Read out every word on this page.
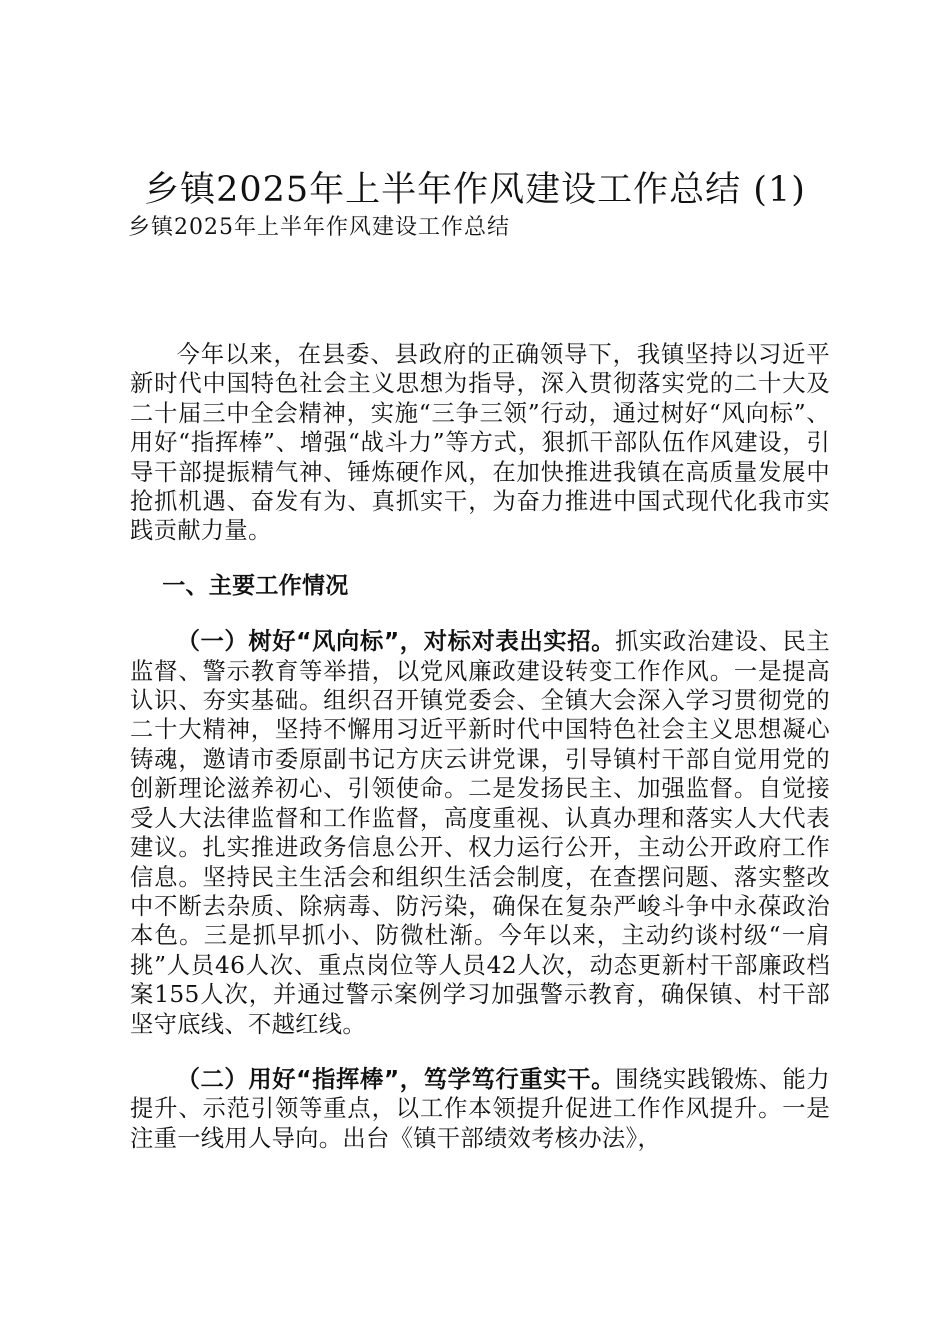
乡镇2025年上半年作风建设工作总结 (1)
乡镇2025年上半年作风建设工作总结

今年以来，在县委、县政府的正确领导下，我镇坚持以习近平新时代中国特色社会主义思想为指导，深入贯彻落实党的二十大及二十届三中全会精神，实施“三争三领”行动，通过树好“风向标”、用好“指挥棒”、增强“战斗力”等方式，狠抓干部队伍作风建设，引导干部提振精气神、锤炼硬作风，在加快推进我镇在高质量发展中抢抓机遇、奋发有为、真抓实干，为奋力推进中国式现代化我市实践贡献力量。

一、主要工作情况

（一）树好“风向标”，对标对表出实招。抓实政治建设、民主监督、警示教育等举措，以党风廉政建设转变工作作风。一是提高认识、夯实基础。组织召开镇党委会、全镇大会深入学习贯彻党的二十大精神，坚持不懈用习近平新时代中国特色社会主义思想凝心铸魂，邀请市委原副书记方庆云讲党课，引导镇村干部自觉用党的创新理论滋养初心、引领使命。二是发扬民主、加强监督。自觉接受人大法律监督和工作监督，高度重视、认真办理和落实人大代表建议。扎实推进政务信息公开、权力运行公开，主动公开政府工作信息。坚持民主生活会和组织生活会制度，在查摆问题、落实整改中不断去杂质、除病毒、防污染，确保在复杂严峻斗争中永葆政治本色。三是抓早抓小、防微杜渐。今年以来，主动约谈村级“一肩挑”人员46人次、重点岗位等人员42人次，动态更新村干部廉政档案155人次，并通过警示案例学习加强警示教育，确保镇、村干部坚守底线、不越红线。

（二）用好“指挥棒”，笃学笃行重实干。围绕实践锻炼、能力提升、示范引领等重点，以工作本领提升促进工作作风提升。一是注重一线用人导向。出台《镇干部绩效考核办法》，
